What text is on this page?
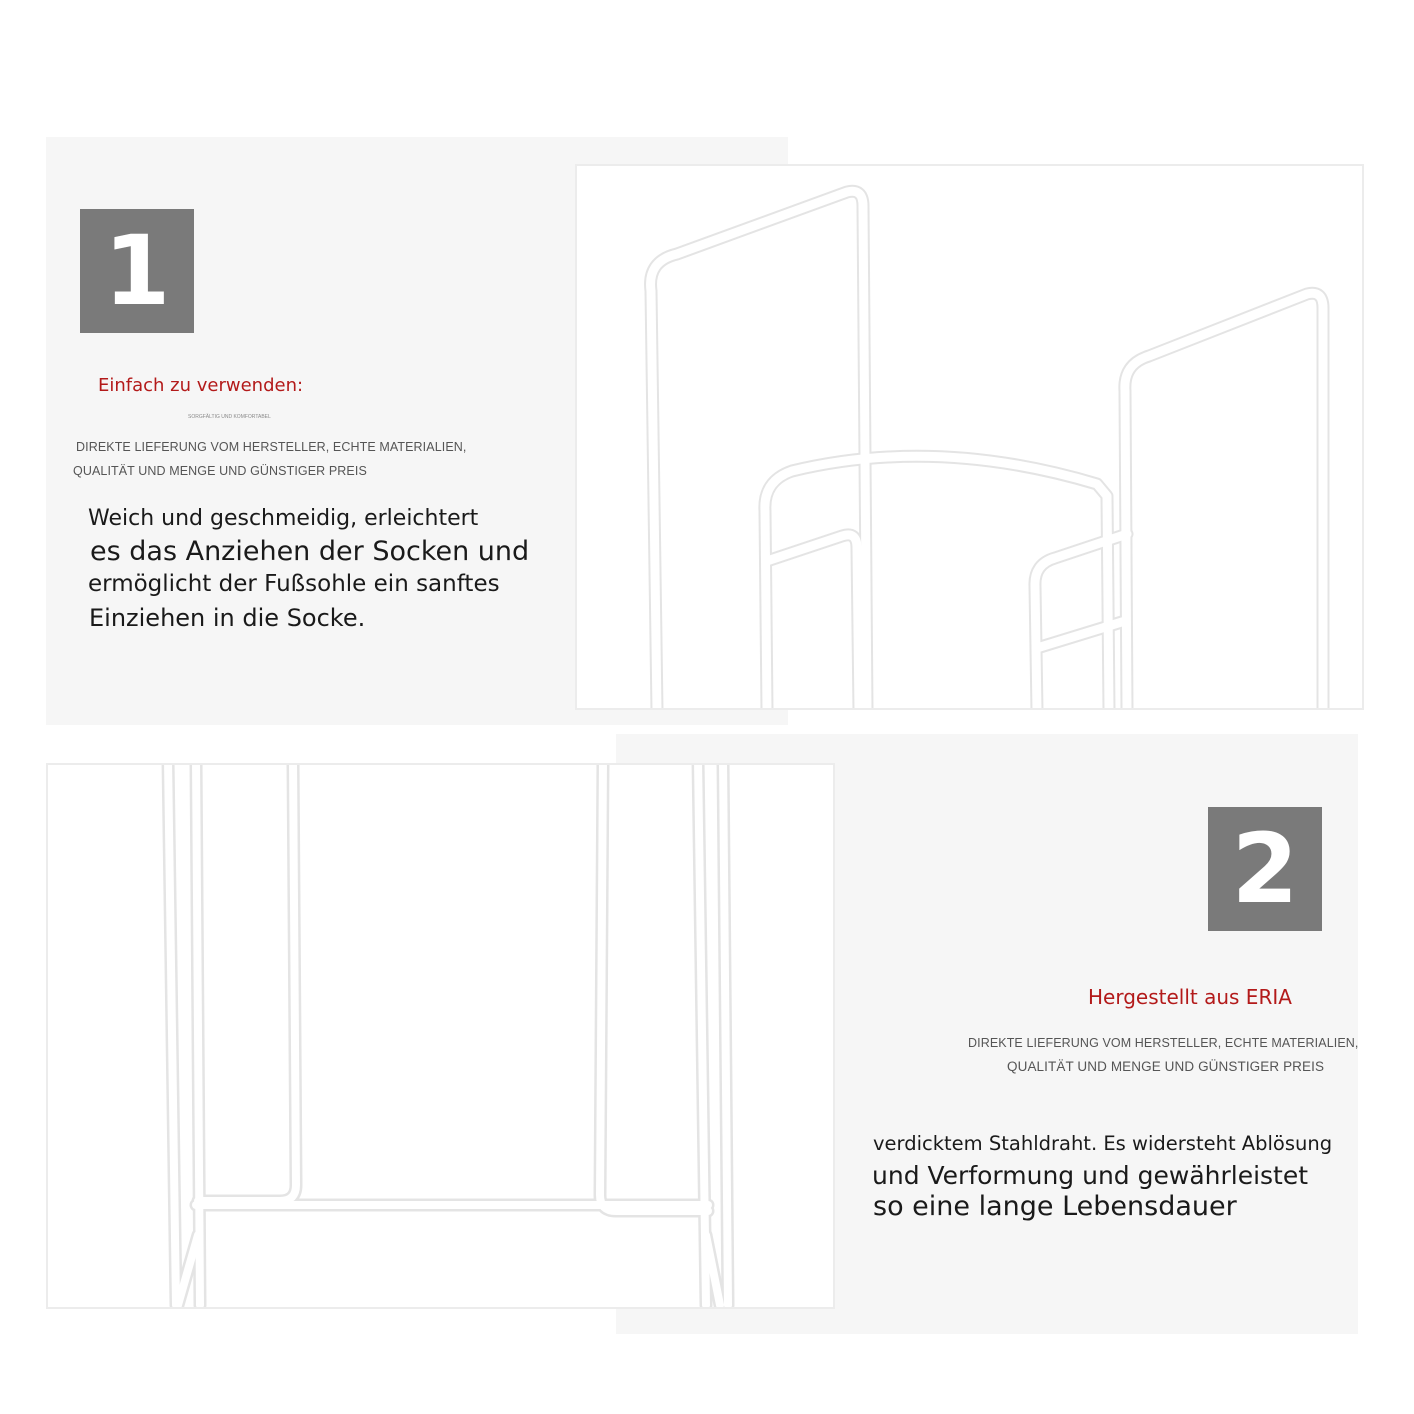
1
Einfach zu verwenden:
SORGFÄLTIG UND KOMFORTABEL
DIREKTE LIEFERUNG VOM HERSTELLER, ECHTE MATERIALIEN,
QUALITÄT UND MENGE UND GÜNSTIGER PREIS
Weich und geschmeidig, erleichtert
es das Anziehen der Socken und
ermöglicht der Fußsohle ein sanftes
Einziehen in die Socke.
2
Hergestellt aus ERIA
DIREKTE LIEFERUNG VOM HERSTELLER, ECHTE MATERIALIEN,
QUALITÄT UND MENGE UND GÜNSTIGER PREIS
verdicktem Stahldraht. Es widersteht Ablösung
und Verformung und gewährleistet
so eine lange Lebensdauer
